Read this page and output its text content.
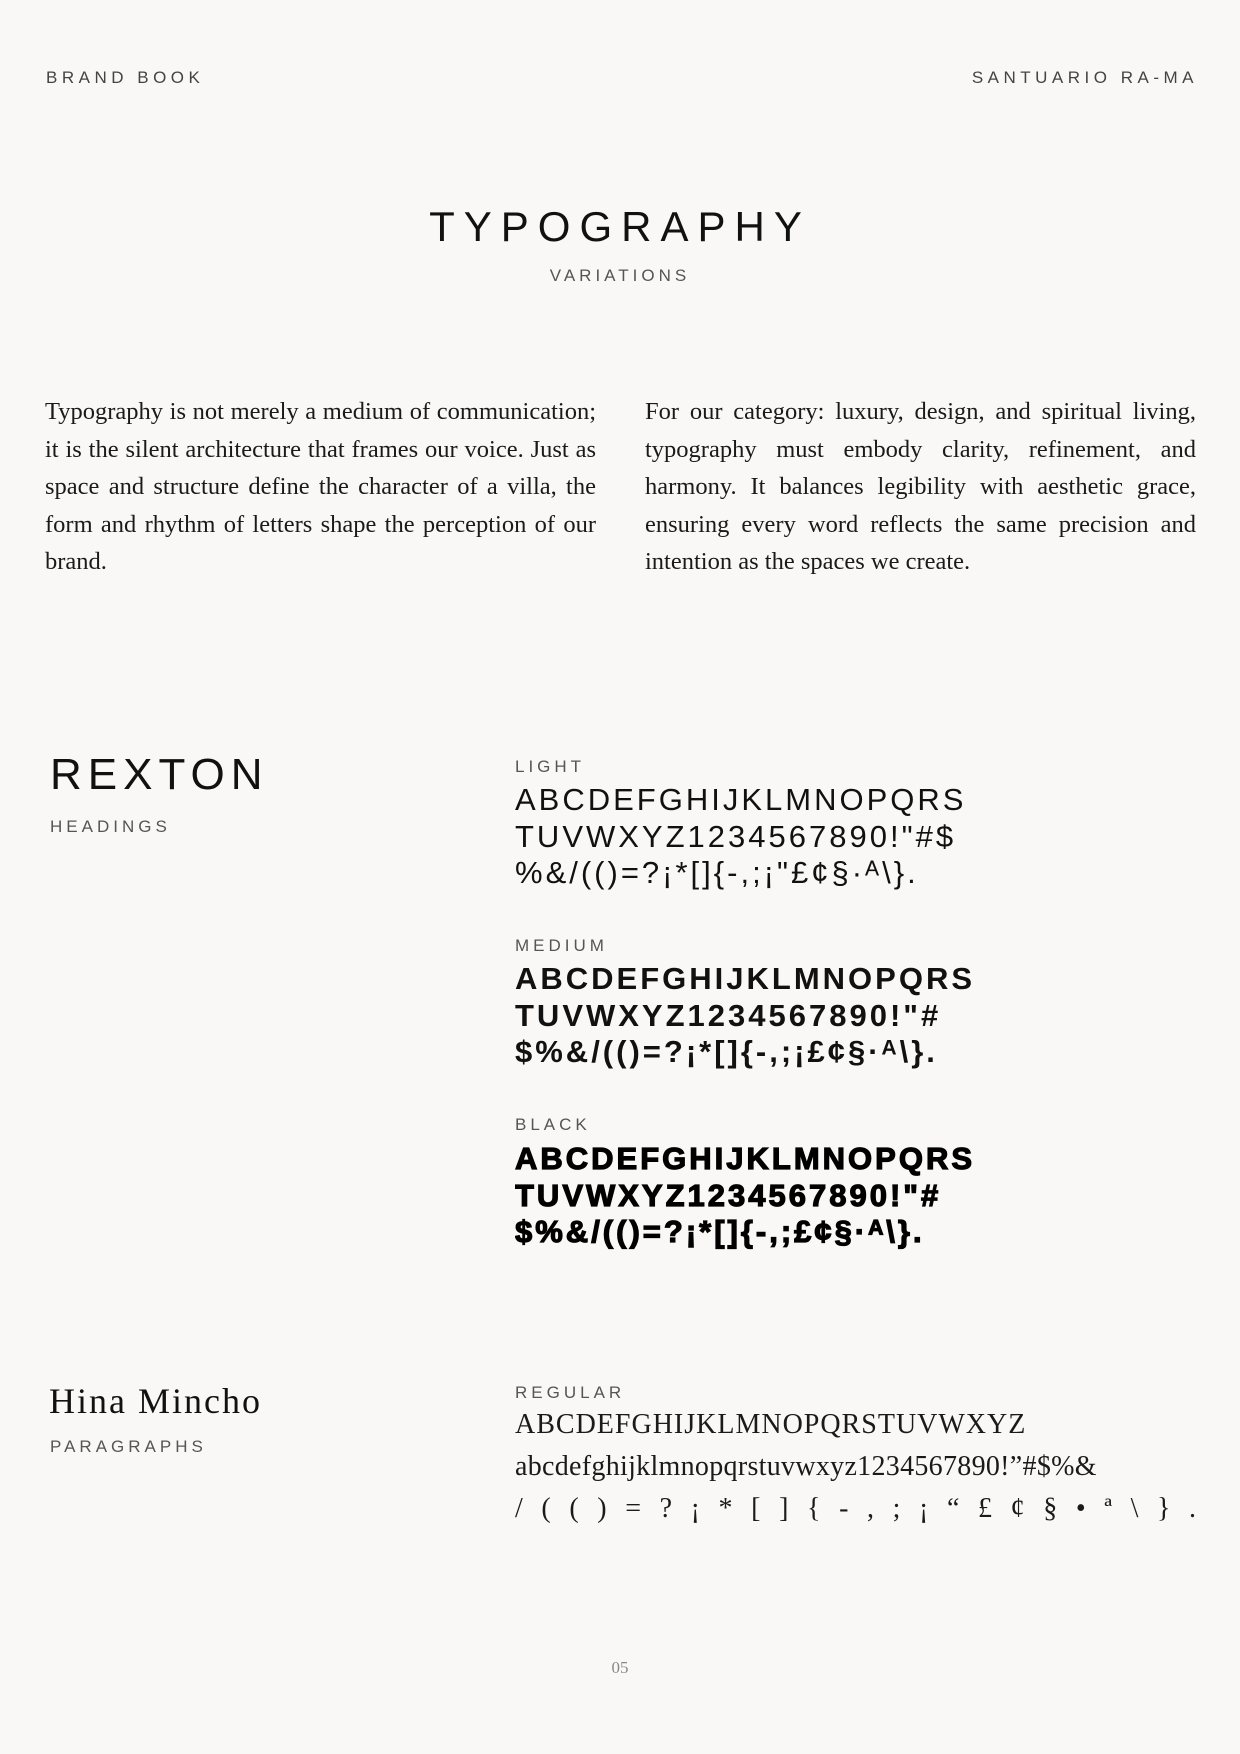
BRAND BOOK	SANTUARIO RA-MA
TYPOGRAPHY
VARIATIONS

Typography is not merely a medium of communication; it is the silent architecture that frames our voice. Just as space and structure define the character of a villa, the form and rhythm of letters shape the perception of our brand.

For our category: luxury, design, and spiritual living, typography must embody clarity, refinement, and harmony. It balances legibility with aesthetic grace, ensuring every word reflects the same precision and intention as the spaces we create.

REXTON
HEADINGS
LIGHT
ABCDEFGHIJKLMNOPQRS
TUVWXYZ1234567890!"#$
%&/(()=?¡*[]{-,;¡"£¢§·ᴬ\}.
MEDIUM
ABCDEFGHIJKLMNOPQRS
TUVWXYZ1234567890!"#
$%&/(()=?¡*[]{-,;¡£¢§·ᴬ\}.
BLACK
ABCDEFGHIJKLMNOPQRS
TUVWXYZ1234567890!"#
$%&/(()=?¡*[]{-,;£¢§·ᴬ\}.
Hina Mincho
PARAGRAPHS
REGULAR
ABCDEFGHIJKLMNOPQRSTUVWXYZ
abcdefghijklmnopqrstuvwxyz1234567890!”#$%&
/ ( ( ) = ? ¡ * [ ] { - , ; ¡ “ £ ¢ § • ª \ } .
05
